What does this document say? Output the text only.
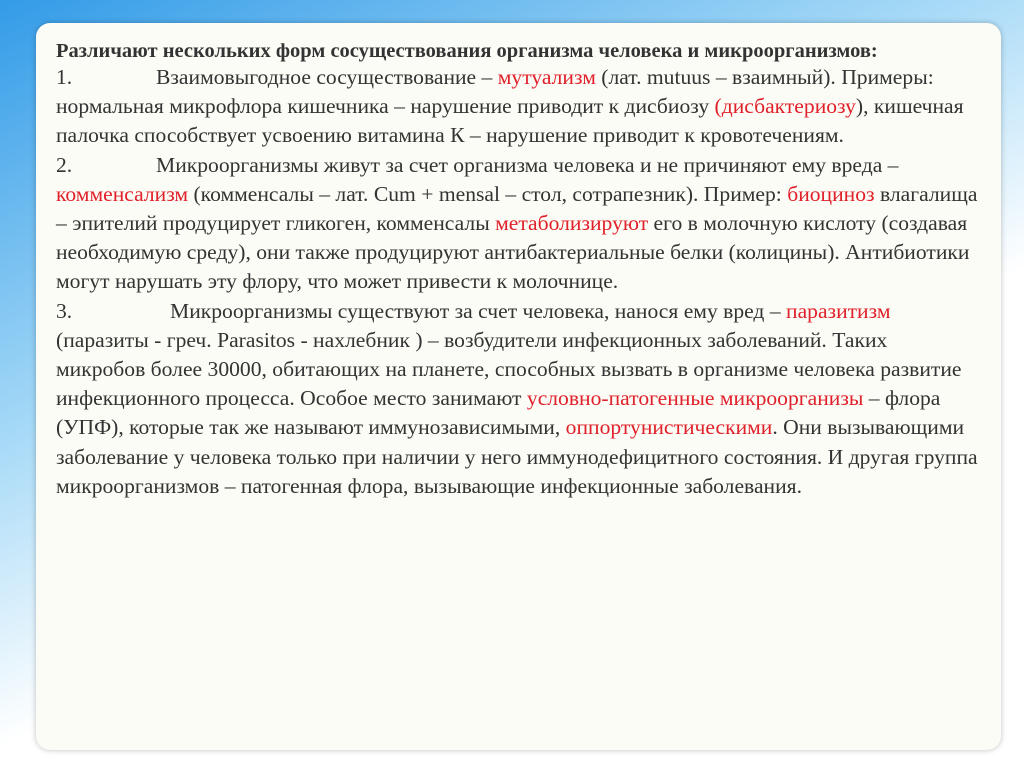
Различают нескольких форм сосуществования организма человека и микроорганизмов:

1.	Взаимовыгодное сосуществование – мутуализм (лат. mutuus – взаимный). Примеры: нормальная микрофлора кишечника – нарушение приводит к дисбиозу (дисбактериозу), кишечная палочка способствует усвоению витамина К – нарушение приводит к кровотечениям.

2.	Микроорганизмы живут за счет организма человека и не причиняют ему вреда –комменсализм (комменсалы – лат. Cum + mensal – стол, сотрапезник). Пример: биоциноз влагалища – эпителий продуцирует гликоген, комменсалы метаболизируют его в молочную кислоту (создавая необходимую среду), они также продуцируют антибактериальные белки (колицины). Антибиотики могут нарушать эту флору, что может привести к молочнице.

3.	Микроорганизмы существуют за счет человека, нанося ему вред – паразитизм (паразиты - греч. Parasitos - нахлебник ) – возбудители инфекционных заболеваний. Таких микробов более 30000, обитающих на планете, способных вызвать в организме человека развитие инфекционного процесса. Особое место занимают условно-патогенные микроорганизы – флора (УПФ), которые так же называют иммунозависимыми, оппортунистическими. Они вызывающими заболевание у человека только при наличии у него иммунодефицитного состояния. И другая группа микроорганизмов – патогенная флора, вызывающие инфекционные заболевания.
